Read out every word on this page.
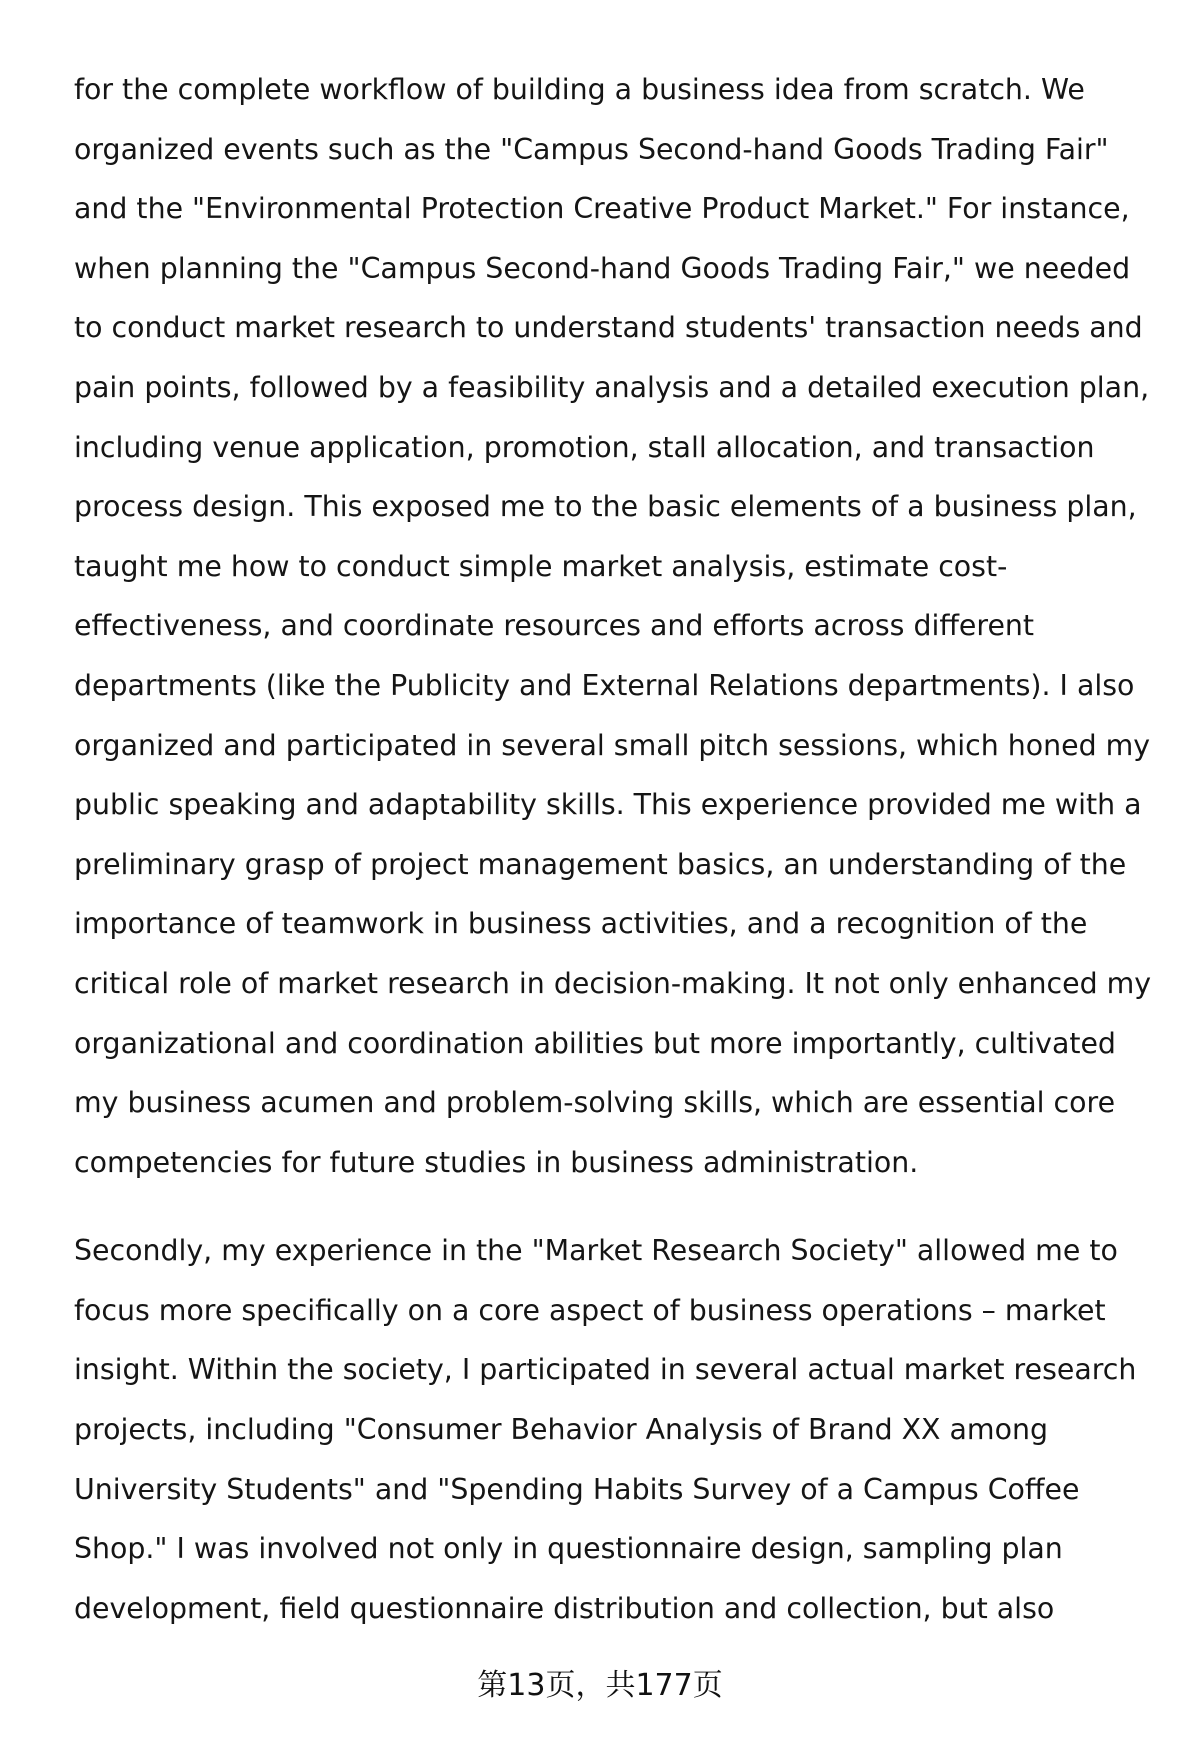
for the complete workflow of building a business idea from scratch. We
organized events such as the "Campus Second-hand Goods Trading Fair"
and the "Environmental Protection Creative Product Market." For instance,
when planning the "Campus Second-hand Goods Trading Fair," we needed
to conduct market research to understand students' transaction needs and
pain points, followed by a feasibility analysis and a detailed execution plan,
including venue application, promotion, stall allocation, and transaction
process design. This exposed me to the basic elements of a business plan,
taught me how to conduct simple market analysis, estimate cost-
effectiveness, and coordinate resources and efforts across different
departments (like the Publicity and External Relations departments). I also
organized and participated in several small pitch sessions, which honed my
public speaking and adaptability skills. This experience provided me with a
preliminary grasp of project management basics, an understanding of the
importance of teamwork in business activities, and a recognition of the
critical role of market research in decision-making. It not only enhanced my
organizational and coordination abilities but more importantly, cultivated
my business acumen and problem-solving skills, which are essential core
competencies for future studies in business administration.

Secondly, my experience in the "Market Research Society" allowed me to
focus more specifically on a core aspect of business operations – market
insight. Within the society, I participated in several actual market research
projects, including "Consumer Behavior Analysis of Brand XX among
University Students" and "Spending Habits Survey of a Campus Coffee
Shop." I was involved not only in questionnaire design, sampling plan
development, field questionnaire distribution and collection, but also

第13页，共177页
